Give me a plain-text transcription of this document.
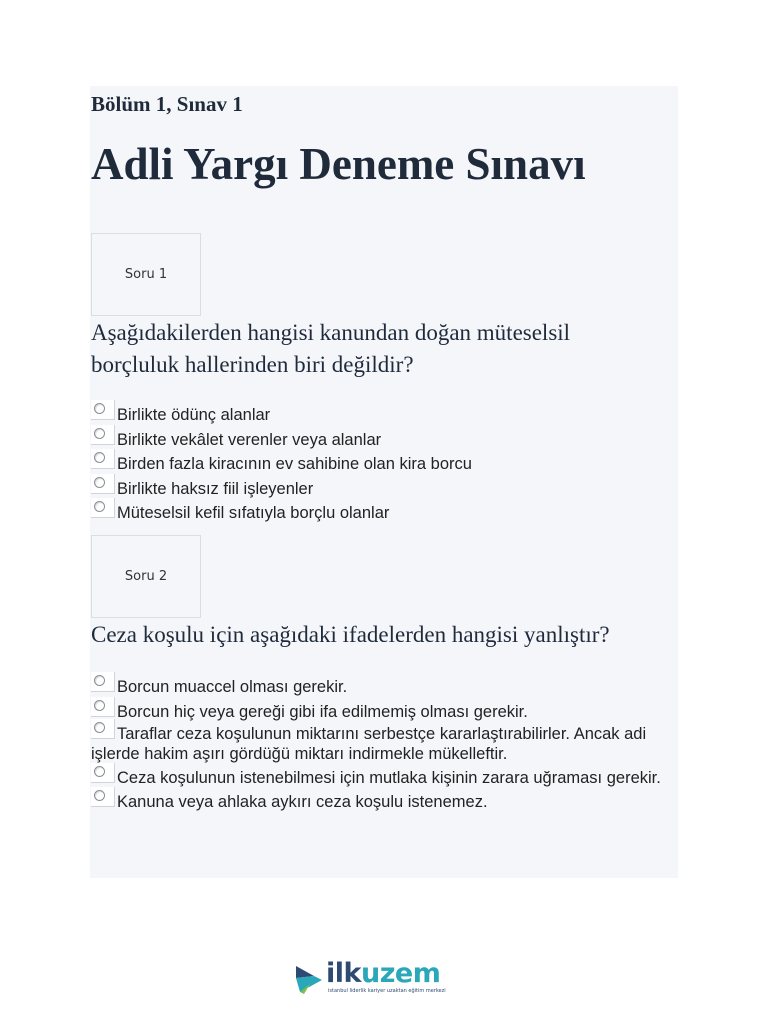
Bölüm 1, Sınav 1
Adli Yargı Deneme Sınavı
Soru 1
Aşağıdakilerden hangisi kanundan doğan müteselsil borçluluk hallerinden biri değildir?
Birlikte ödünç alanlar
Birlikte vekâlet verenler veya alanlar
Birden fazla kiracının ev sahibine olan kira borcu
Birlikte haksız fiil işleyenler
Müteselsil kefil sıfatıyla borçlu olanlar
Soru 2
Ceza koşulu için aşağıdaki ifadelerden hangisi yanlıştır?
Borcun muaccel olması gerekir.
Borcun hiç veya gereği gibi ifa edilmemiş olması gerekir.
Taraflar ceza koşulunun miktarını serbestçe kararlaştırabilirler. Ancak adi işlerde hakim aşırı gördüğü miktarı indirmekle mükelleftir.
Ceza koşulunun istenebilmesi için mutlaka kişinin zarara uğraması gerekir.
Kanuna veya ahlaka aykırı ceza koşulu istenemez.
ilkuzem
istanbul liderlik kariyer uzaktan eğitim merkezi
